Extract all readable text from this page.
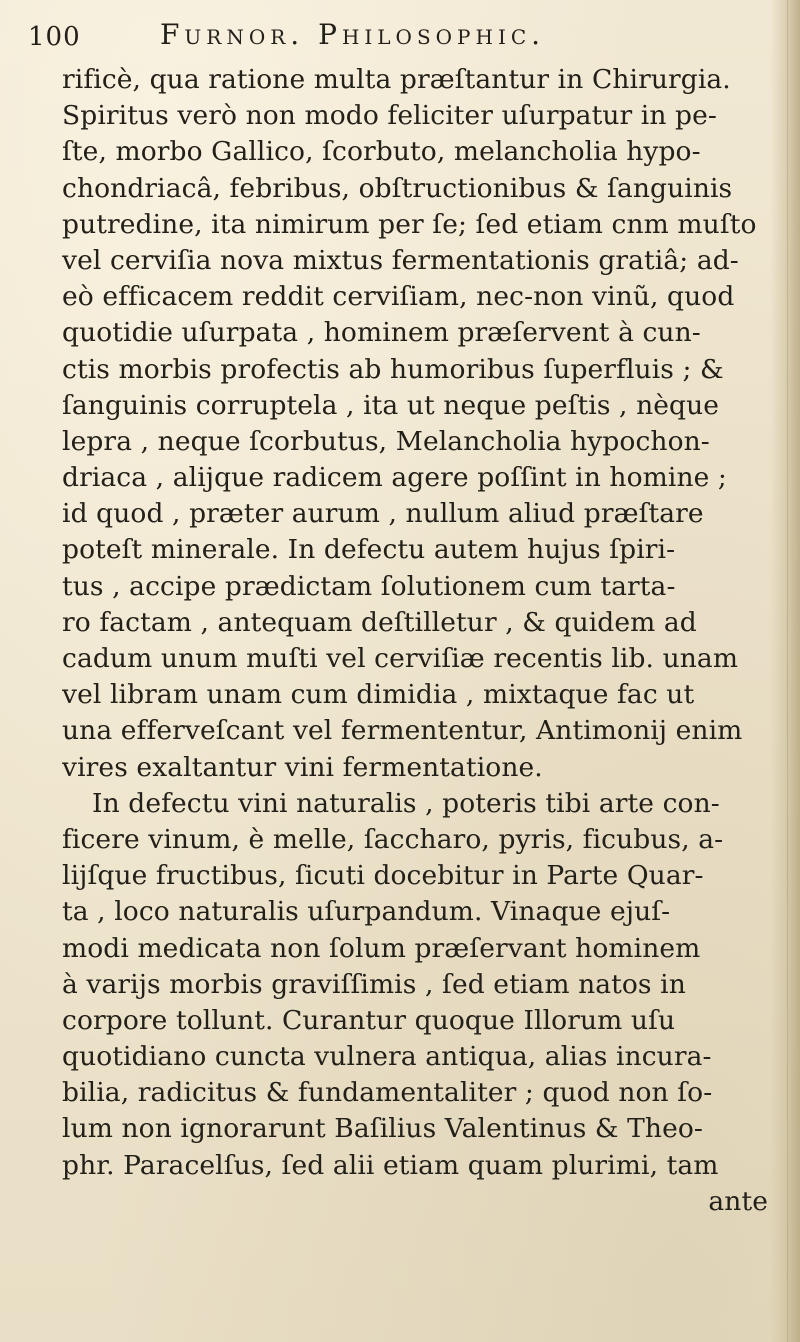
100	Furnor. Philosophic.
rificè, qua ratione multa præſtantur in Chirurgia.
Spiritus verò non modo feliciter uſurpatur in pe-
ſte, morbo Gallico, ſcorbuto, melancholia hypo-
chondriacâ, febribus, obſtructionibus & ſanguinis
putredine, ita nimirum per ſe; ſed etiam cnm muſto
vel cerviſia nova mixtus fermentationis gratiâ; ad-
eò efficacem reddit cerviſiam, nec-non vinũ, quod
quotidie uſurpata , hominem præſervent à cun-
ctis morbis profectis ab humoribus ſuperfluis ; &
ſanguinis corruptela , ita ut neque peſtis , nèque
lepra , neque ſcorbutus, Melancholia hypochon-
driaca , alijque radicem agere poſſint in homine ;
id quod , præter aurum , nullum aliud præſtare
poteſt minerale. In defectu autem hujus ſpiri-
tus , accipe prædictam ſolutionem cum tarta-
ro factam , antequam deſtilletur , & quidem ad
cadum unum muſti vel cerviſiæ recentis lib. unam
vel libram unam cum dimidia , mixtaque fac ut
una efferveſcant vel fermententur, Antimonij enim
vires exaltantur vini fermentatione.
In defectu vini naturalis , poteris tibi arte con-
ficere vinum, è melle, ſaccharo, pyris, ficubus, a-
lijſque fructibus, ſicuti docebitur in Parte Quar-
ta , loco naturalis uſurpandum. Vinaque ejuſ-
modi medicata non ſolum præſervant hominem
à varijs morbis graviſſimis , ſed etiam natos in
corpore tollunt. Curantur quoque Illorum uſu
quotidiano cuncta vulnera antiqua, alias incura-
bilia, radicitus & fundamentaliter ; quod non ſo-
lum non ignorarunt Baſilius Valentinus & Theo-
phr. Paracelſus, ſed alii etiam quam plurimi, tam
ante
